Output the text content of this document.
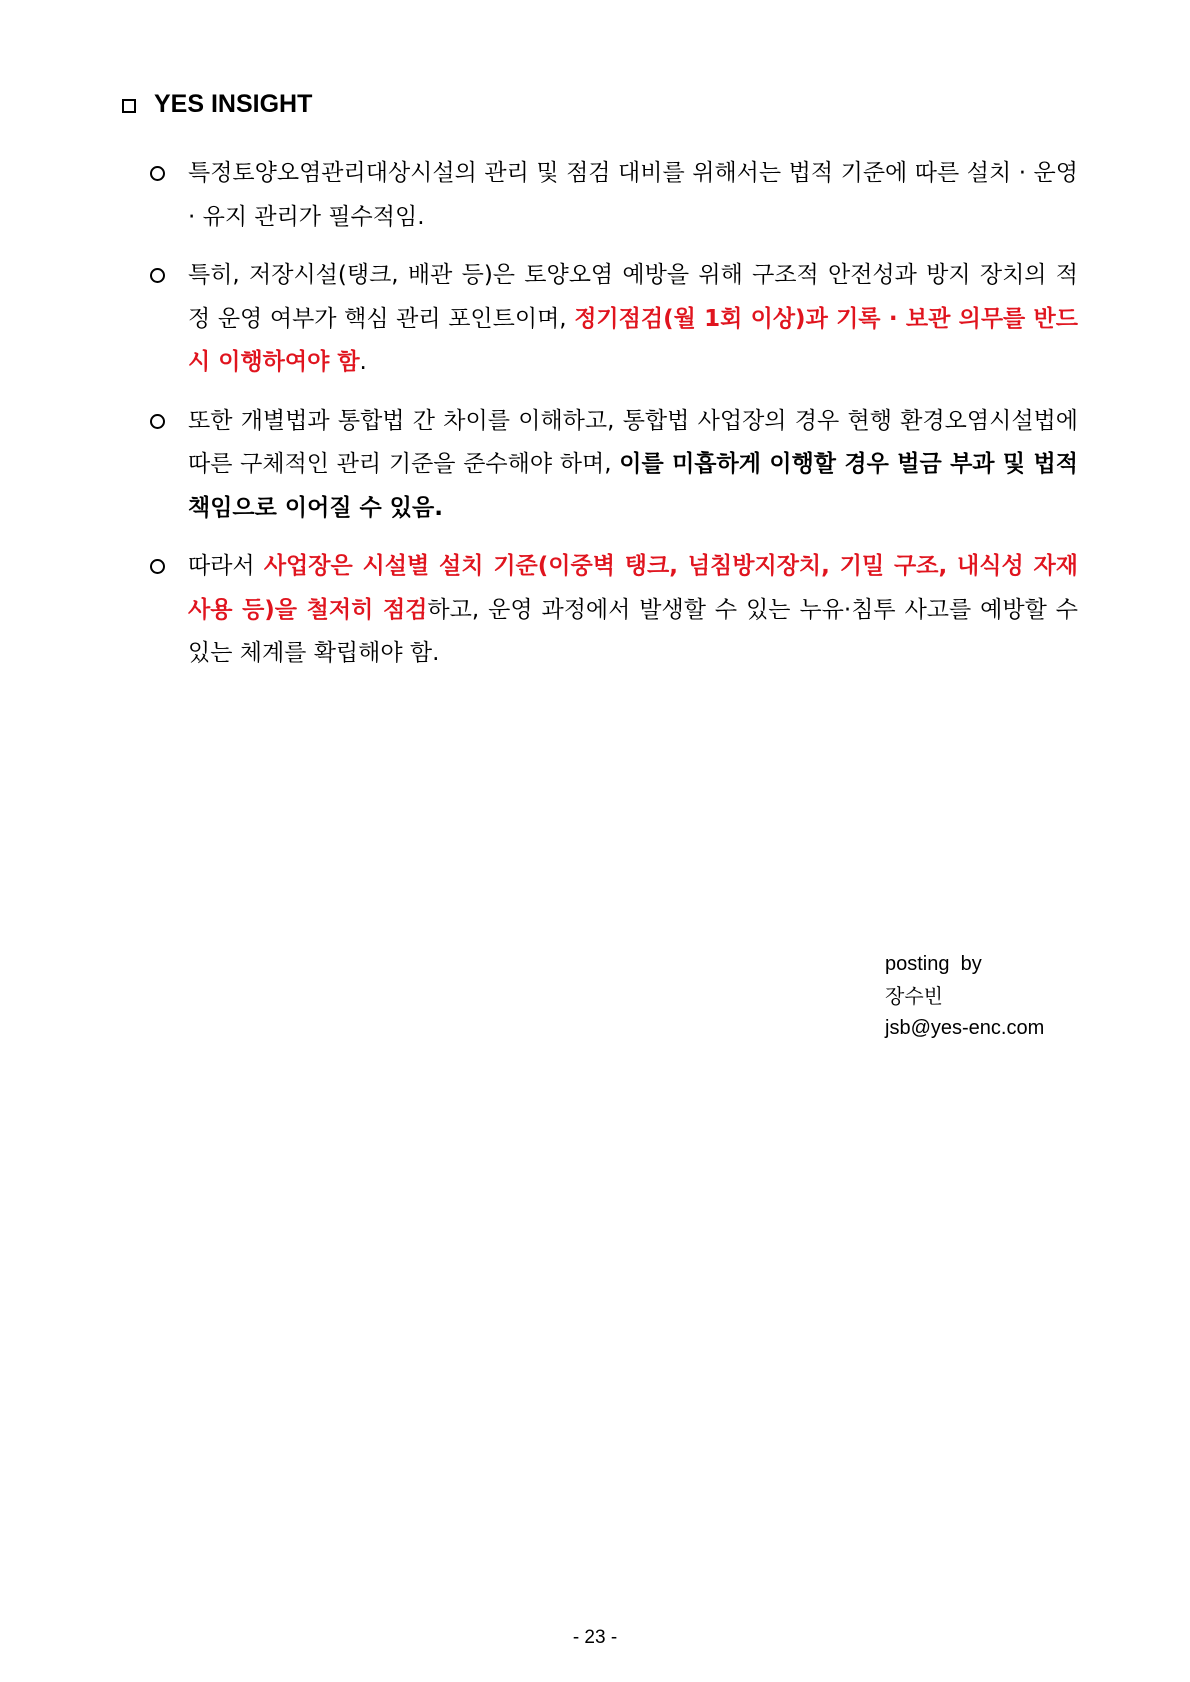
YES INSIGHT
특정토양오염관리대상시설의 관리 및 점검 대비를 위해서는 법적 기준에 따른 설치 · 운영 · 유지 관리가 필수적임.
특히, 저장시설(탱크, 배관 등)은 토양오염 예방을 위해 구조적 안전성과 방지 장치의 적정 운영 여부가 핵심 관리 포인트이며, 정기점검(월 1회 이상)과 기록 · 보관 의무를 반드시 이행하여야 함.
또한 개별법과 통합법 간 차이를 이해하고, 통합법 사업장의 경우 현행 환경오염시설법에 따른 구체적인 관리 기준을 준수해야 하며, 이를 미흡하게 이행할 경우 벌금 부과 및 법적 책임으로 이어질 수 있음.
따라서 사업장은 시설별 설치 기준(이중벽 탱크, 넘침방지장치, 기밀 구조, 내식성 자재 사용 등)을 철저히 점검하고, 운영 과정에서 발생할 수 있는 누유·침투 사고를 예방할 수 있는 체계를 확립해야 함.
posting  by
장수빈
jsb@yes-enc.com
- 23 -
